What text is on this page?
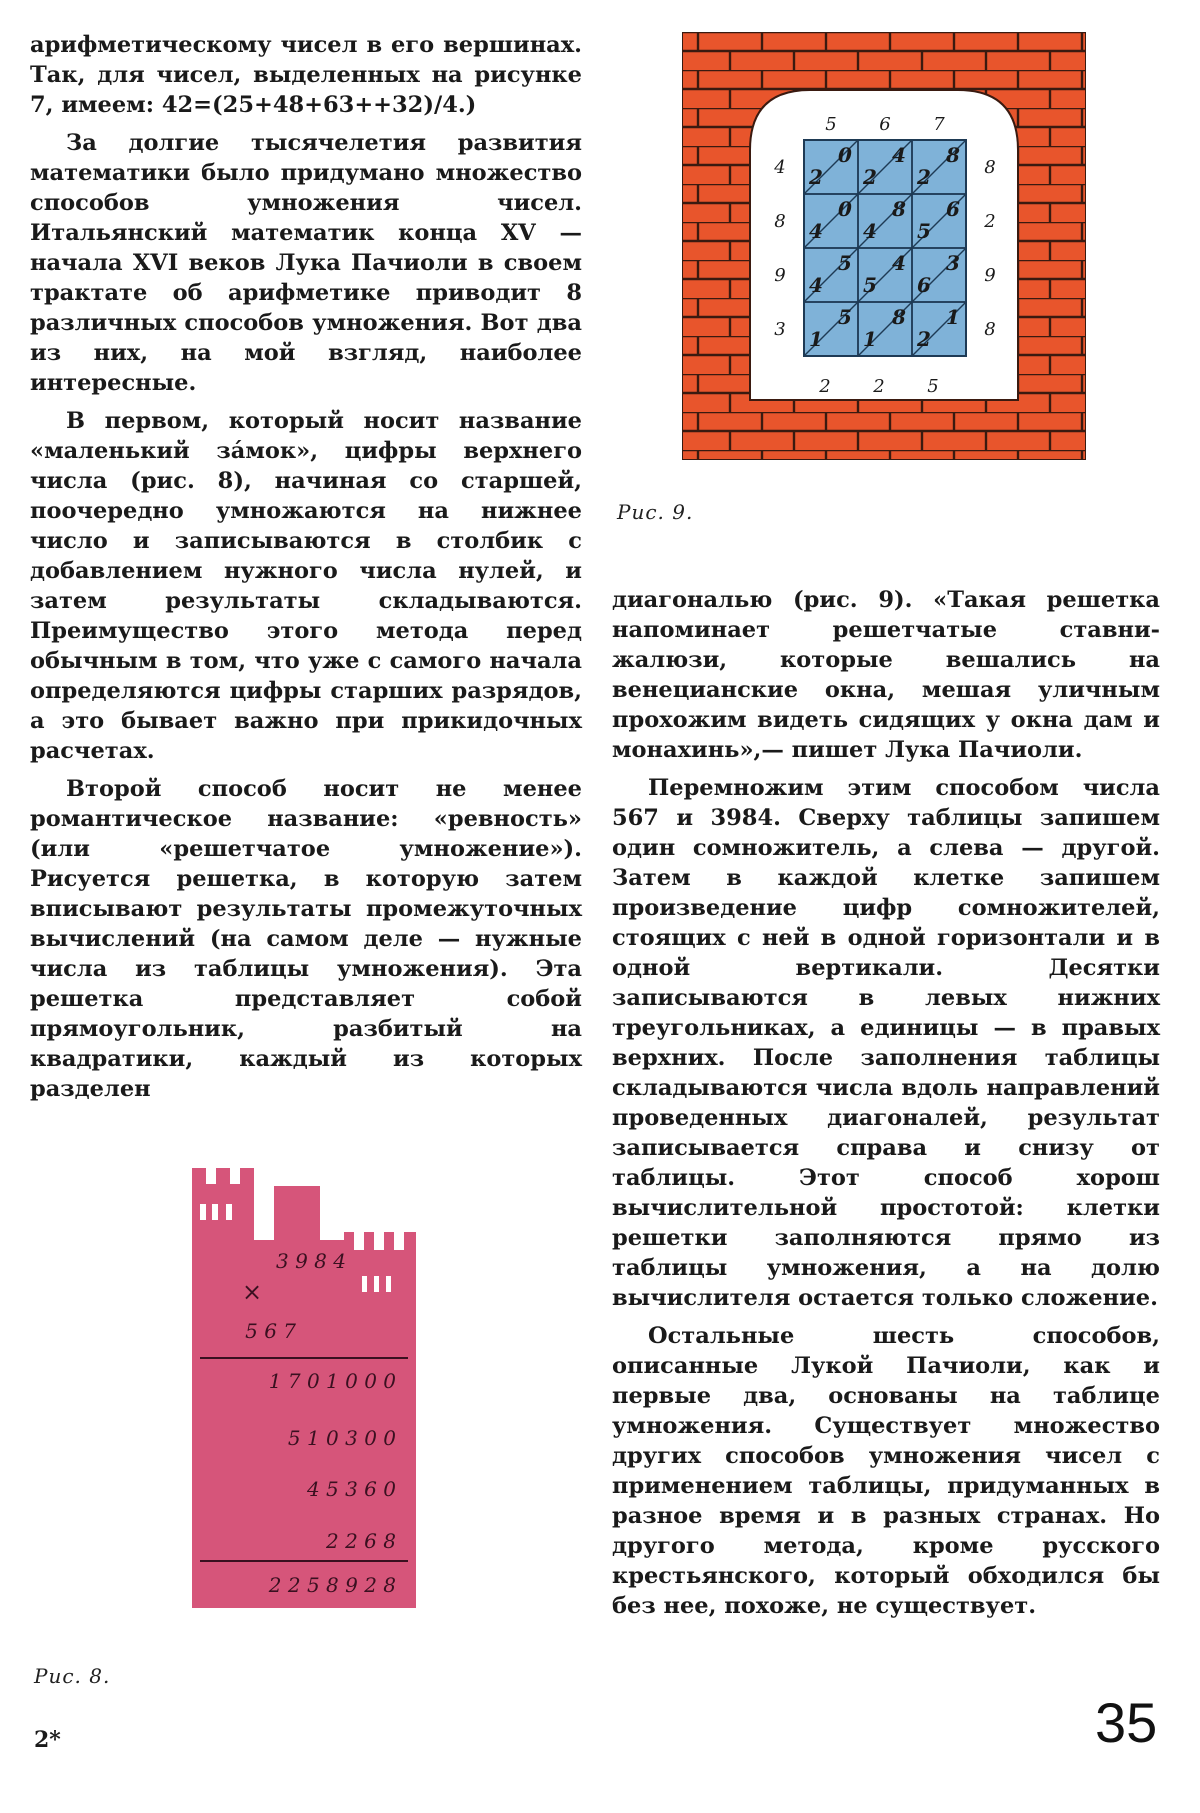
арифметическому чисел в его вершинах. Так, для чисел, выделенных на рисунке 7, имеем: 42=(25+48+63++32)/4.)

За долгие тысячелетия развития математики было придумано множество способов умножения чисел. Итальянский математик конца XV — начала XVI веков Лука Пачиоли в своем трактате об арифметике приводит 8 различных способов умножения. Вот два из них, на мой взгляд, наиболее интересные.

В первом, который носит название «маленький зáмок», цифры верхнего числа (рис. 8), начиная со старшей, поочередно умножаются на нижнее число и записываются в столбик с добавлением нужного числа нулей, и затем результаты складываются. Преимущество этого метода перед обычным в том, что уже с самого начала определяются цифры старших разрядов, а это бывает важно при прикидочных расчетах.

Второй способ носит не менее романтическое название: «ревность» (или «решетчатое умножение»). Рисуется решетка, в которую затем вписывают результаты промежуточных вычислений (на самом деле — нужные числа из таблицы умножения). Эта решетка представляет собой прямоугольник, разбитый на квадратики, каждый из которых разделен

2
0
2
4
2
8
4
0
4
8
5
6
4
5
5
4
6
3
1
5
1
8
2
1
5 6 7
4
8
9
3
8
2
9
8
2 2 5
Рис. 9.

диагональю (рис. 9). «Такая решетка напоминает решетчатые ставни-жалюзи, которые вешались на венецианские окна, мешая уличным прохожим видеть сидящих у окна дам и монахинь»,— пишет Лука Пачиоли.

Перемножим этим способом числа 567 и 3984. Сверху таблицы запишем один сомножитель, а слева — другой. Затем в каждой клетке запишем произведение цифр сомножителей, стоящих с ней в одной горизонтали и в одной вертикали. Десятки записываются в левых нижних треугольниках, а единицы — в правых верхних. После заполнения таблицы складываются числа вдоль направлений проведенных диагоналей, результат записывается справа и снизу от таблицы. Этот способ хорош вычислительной простотой: клетки решетки заполняются прямо из таблицы умножения, а на долю вычислителя остается только сложение.

Остальные шесть способов, описанные Лукой Пачиоли, как и первые два, основаны на таблице умножения. Существует множество других способов умножения чисел с применением таблицы, придуманных в разное время и в разных странах. Но другого метода, кроме русского крестьянского, который обходился бы без нее, похоже, не существует.

3 9 8 4
×
5 6 7
1 7 0 1 0 0 0
5 1 0 3 0 0
4 5 3 6 0
2 2 6 8
2 2 5 8 9 2 8
Рис. 8.
2*	35
